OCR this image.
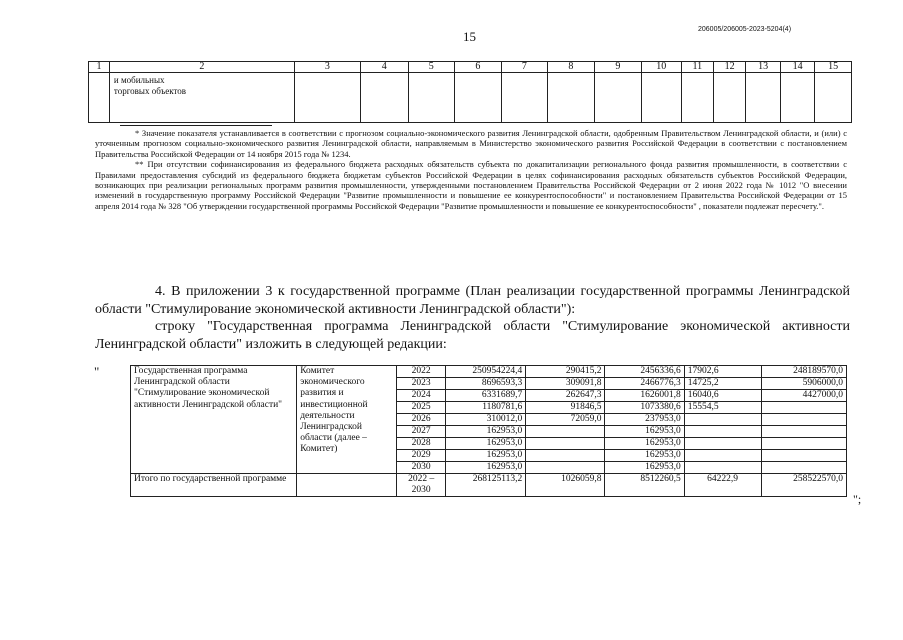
15	206005/206005-2023-5204(4)
1	2	3	4	5	6	7	8	9	10	11	12	13	14	15

	и мобильных торговых объектов													

* Значение показателя устанавливается в соответствии с прогнозом социально-экономического развития Ленинградской области, одобренным Правительством Ленинградской области, и (или) с уточненным прогнозом социально-экономического развития Ленинградской области, направляемым в Министерство экономического развития Российской Федерации в соответствии с постановлением Правительства Российской Федерации от 14 ноября 2015 года № 1234.

** При отсутствии софинансирования из федерального бюджета расходных обязательств субъекта по докапитализации регионального фонда развития промышленности, в соответствии с Правилами предоставления субсидий из федерального бюджета бюджетам субъектов Российской Федерации в целях софинансирования расходных обязательств субъектов Российской Федерации, возникающих при реализации региональных программ развития промышленности, утвержденными постановлением Правительства Российской Федерации от 2 июня 2022 года № 1012 "О внесении изменений в государственную программу Российской Федерации "Развитие промышленности и повышение ее конкурентоспособности" и постановлением Правительства Российской Федерации от 15 апреля 2014 года № 328 "Об утверждении государственной программы Российской Федерации "Развитие промышленности и повышение ее конкурентоспособности" , показатели подлежат пересчету.".

4. В приложении 3 к государственной программе (План реализации государственной программы Ленинградской области "Стимулирование экономической активности Ленинградской области"):

строку "Государственная программа Ленинградской области "Стимулирование экономической активности Ленинградской области" изложить в следующей редакции:

"	Государственная программа Ленинградской области "Стимулирование экономической активности Ленинградской области"	Комитет экономического развития и инвестиционной деятельности Ленинградской области (далее – Комитет)	2022	250954224,4	290415,2	2456336,6	17902,6	248189570,0
		2023	8696593,3	309091,8	2466776,3	14725,2	5906000,0
		2024	6331689,7	262647,3	1626001,8	16040,6	4427000,0
		2025	1180781,6	91846,5	1073380,6	15554,5	
		2026	310012,0	72059,0	237953,0		
		2027	162953,0		162953,0		
		2028	162953,0		162953,0		
		2029	162953,0		162953,0		
		2030	162953,0		162953,0		
Итого по государственной программе		2022 – 2030	268125113,2	1026059,8	8512260,5	64222,9	258522570,0
";
